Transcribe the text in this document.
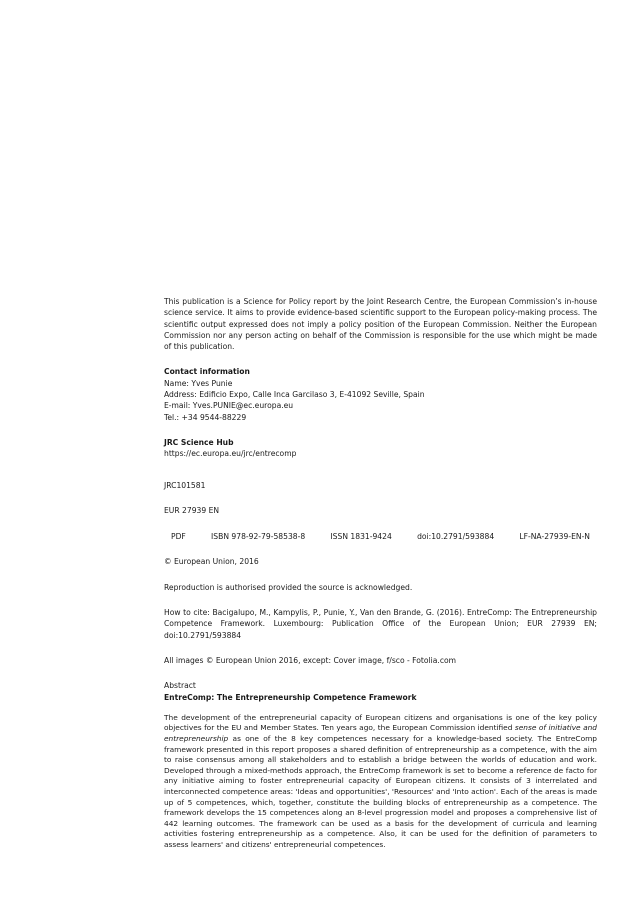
This publication is a Science for Policy report by the Joint Research Centre, the European Commission’s in-house science service. It aims to provide evidence-based scientific support to the European policy-making process. The scientific output expressed does not imply a policy position of the European Commission. Neither the European Commission nor any person acting on behalf of the Commission is responsible for the use which might be made of this publication.

Contact information

Name: Yves Punie

Address: Edificio Expo, Calle Inca Garcilaso 3, E-41092 Seville, Spain

E-mail: Yves.PUNIE@ec.europa.eu

Tel.: +34 9544-88229

JRC Science Hub

https://ec.europa.eu/jrc/entrecomp

JRC101581

EUR 27939 EN

PDF	ISBN 978-92-79-58538-8	ISSN 1831-9424	doi:10.2791/593884	LF-NA-27939-EN-N

© European Union, 2016

Reproduction is authorised provided the source is acknowledged.

How to cite: Bacigalupo, M., Kampylis, P., Punie, Y., Van den Brande, G. (2016). EntreComp: The Entrepreneurship Competence Framework. Luxembourg: Publication Office of the European Union; EUR 27939 EN; doi:10.2791/593884

All images © European Union 2016, except: Cover image, f/sco - Fotolia.com

Abstract

EntreComp: The Entrepreneurship Competence Framework

The development of the entrepreneurial capacity of European citizens and organisations is one of the key policy objectives for the EU and Member States. Ten years ago, the European Commission identified sense of initiative and entrepreneurship as one of the 8 key competences necessary for a knowledge-based society. The EntreComp framework presented in this report proposes a shared definition of entrepreneurship as a competence, with the aim to raise consensus among all stakeholders and to establish a bridge between the worlds of education and work. Developed through a mixed-methods approach, the EntreComp framework is set to become a reference de facto for any initiative aiming to foster entrepreneurial capacity of European citizens. It consists of 3 interrelated and interconnected competence areas: 'Ideas and opportunities', 'Resources' and 'Into action'. Each of the areas is made up of 5 competences, which, together, constitute the building blocks of entrepreneurship as a competence. The framework develops the 15 competences along an 8-level progression model and proposes a comprehensive list of 442 learning outcomes. The framework can be used as a basis for the development of curricula and learning activities fostering entrepreneurship as a competence. Also, it can be used for the definition of parameters to assess learners' and citizens' entrepreneurial competences.
